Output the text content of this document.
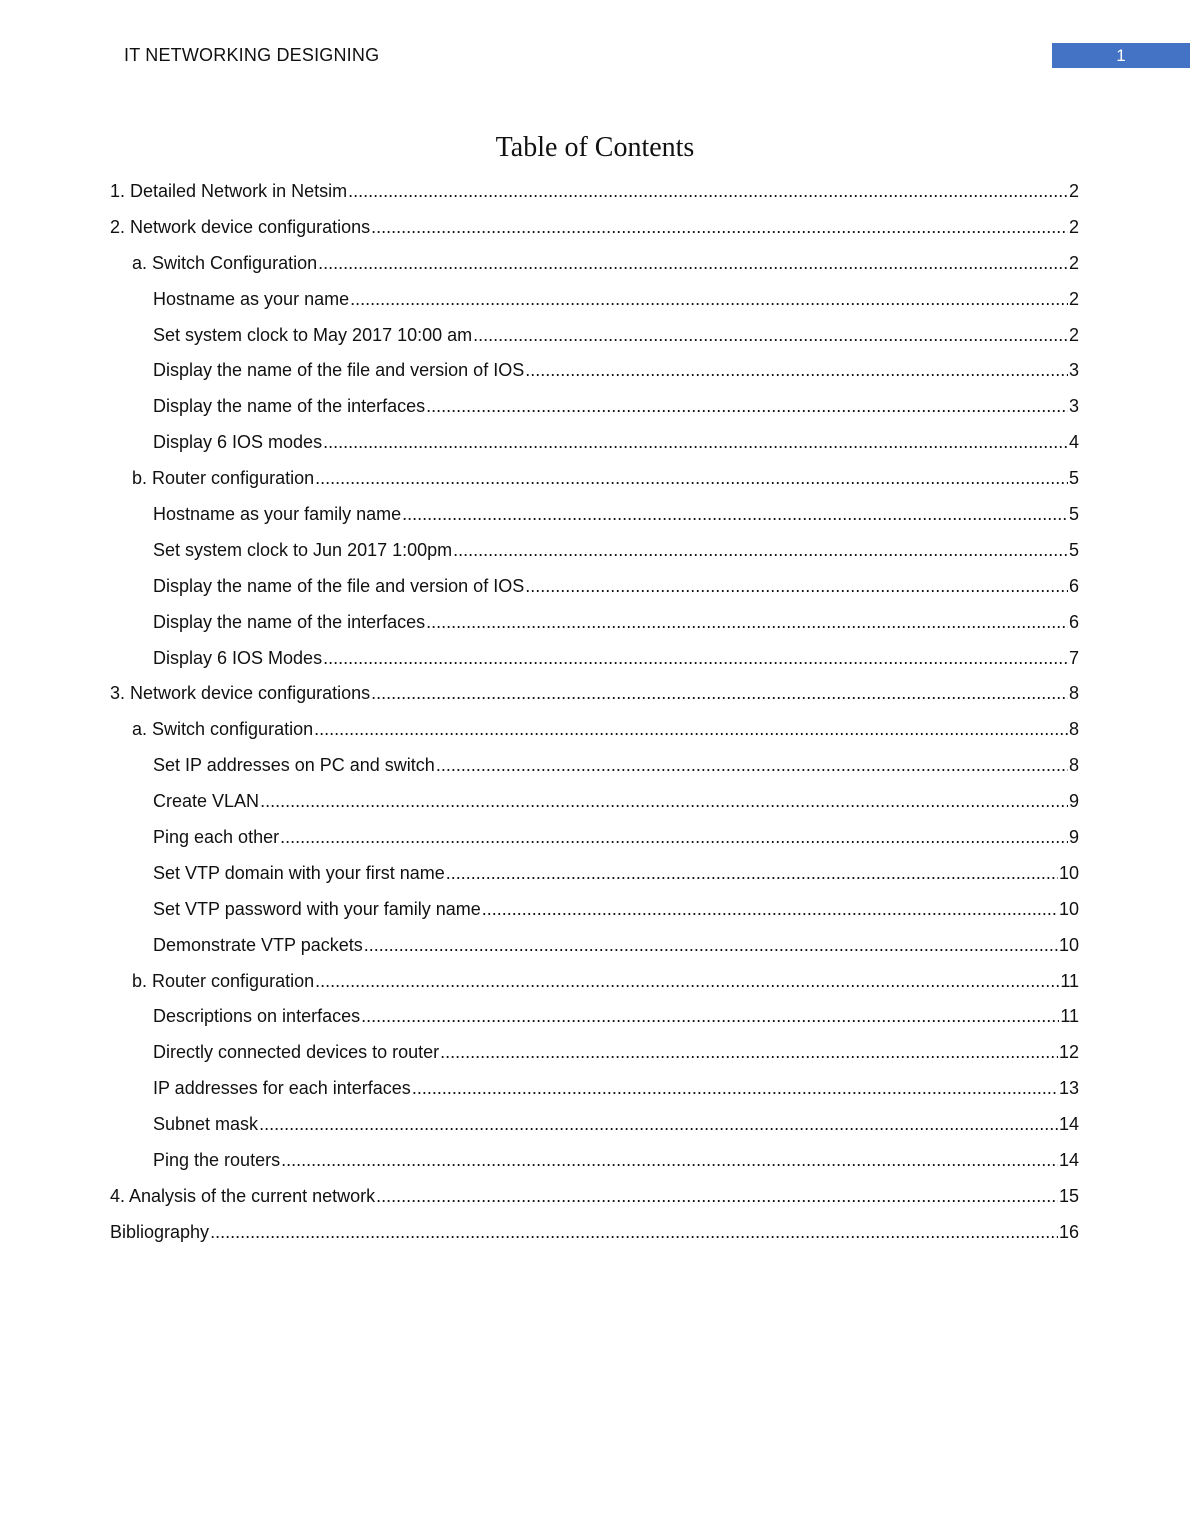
IT NETWORKING DESIGNING	1
Table of Contents
1. Detailed Network in Netsim .....	2
2. Network device configurations .....	2
a. Switch Configuration .....	2
Hostname as your name .....	2
Set system clock to May 2017 10:00 am .....	2
Display the name of the file and version of IOS .....	3
Display the name of the interfaces .....	3
Display 6 IOS modes .....	4
b. Router configuration .....	5
Hostname as your family name .....	5
Set system clock to Jun 2017 1:00pm .....	5
Display the name of the file and version of IOS .....	6
Display the name of the interfaces .....	6
Display 6 IOS Modes .....	7
3. Network device configurations .....	8
a. Switch configuration .....	8
Set IP addresses on PC and switch .....	8
Create VLAN .....	9
Ping each other .....	9
Set VTP domain with your first name .....	10
Set VTP password with your family name .....	10
Demonstrate VTP packets .....	10
b. Router configuration .....	11
Descriptions on interfaces .....	11
Directly connected devices to router .....	12
IP addresses for each interfaces .....	13
Subnet mask .....	14
Ping the routers .....	14
4. Analysis of the current network .....	15
Bibliography .....	16
